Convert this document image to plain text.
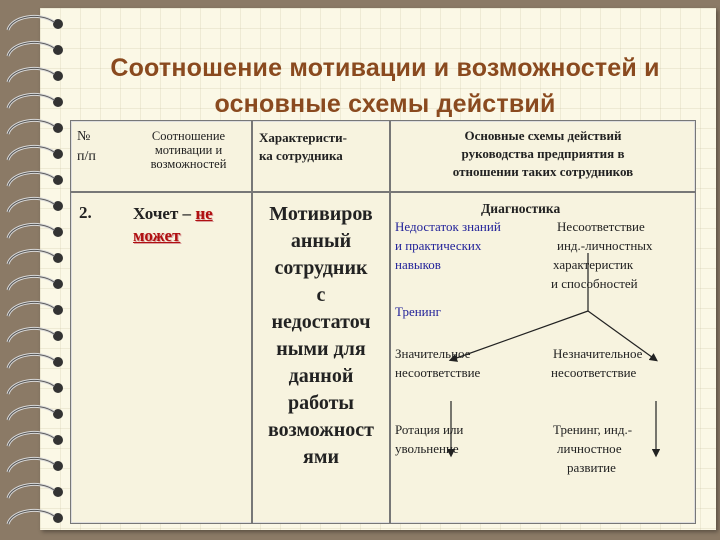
Соотношение мотивации и возможностей и
основные схемы действий
№
п/п
Соотношение
мотивации и
возможностей
Характеристи-
ка сотрудника
Основные схемы действий
руководства предприятия в
отношении таких сотрудников
2. Хочет – не
может
Мотивиров
анный
сотрудник
с
недостаточ
ными для
данной
работы
возможност
ями
Диагностика
Недостаток знаний
и практических
навыков
Несоответствие
инд.-личностных
характеристик
и способностей
Тренинг
Значительное
несоответствие
Незначительное
несоответствие
Ротация или
увольнение
Тренинг, инд.-
личностное
развитие
